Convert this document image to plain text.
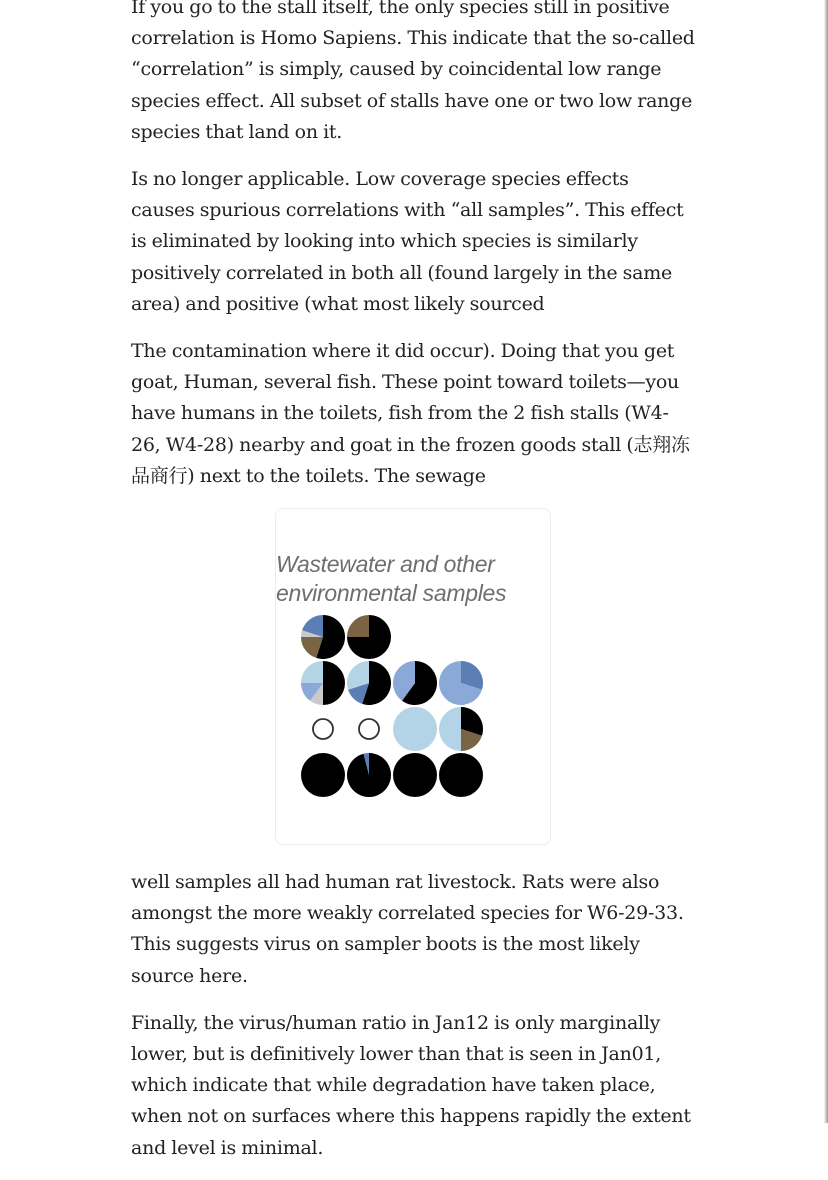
If you go to the stall itself, the only species still in positive correlation is Homo Sapiens. This indicate that the so-called “correlation” is simply, caused by coincidental low range species effect. All subset of stalls have one or two low range species that land on it.

Is no longer applicable. Low coverage species effects causes spurious correlations with “all samples”. This effect is eliminated by looking into which species is similarly positively correlated in both all (found largely in the same area) and positive (what most likely sourced

The contamination where it did occur). Doing that you get goat, Human, several fish. These point toward toilets—you have humans in the toilets, fish from the 2 fish stalls (W4-26, W4-28) nearby and goat in the frozen goods stall (志翔冻品商行) next to the toilets. The sewage

Wastewater and other
environmental samples

well samples all had human rat livestock. Rats were also amongst the more weakly correlated species for W6-29-33. This suggests virus on sampler boots is the most likely source here.

Finally, the virus/human ratio in Jan12 is only marginally lower, but is definitively lower than that is seen in Jan01, which indicate that while degradation have taken place, when not on surfaces where this happens rapidly the extent and level is minimal.
